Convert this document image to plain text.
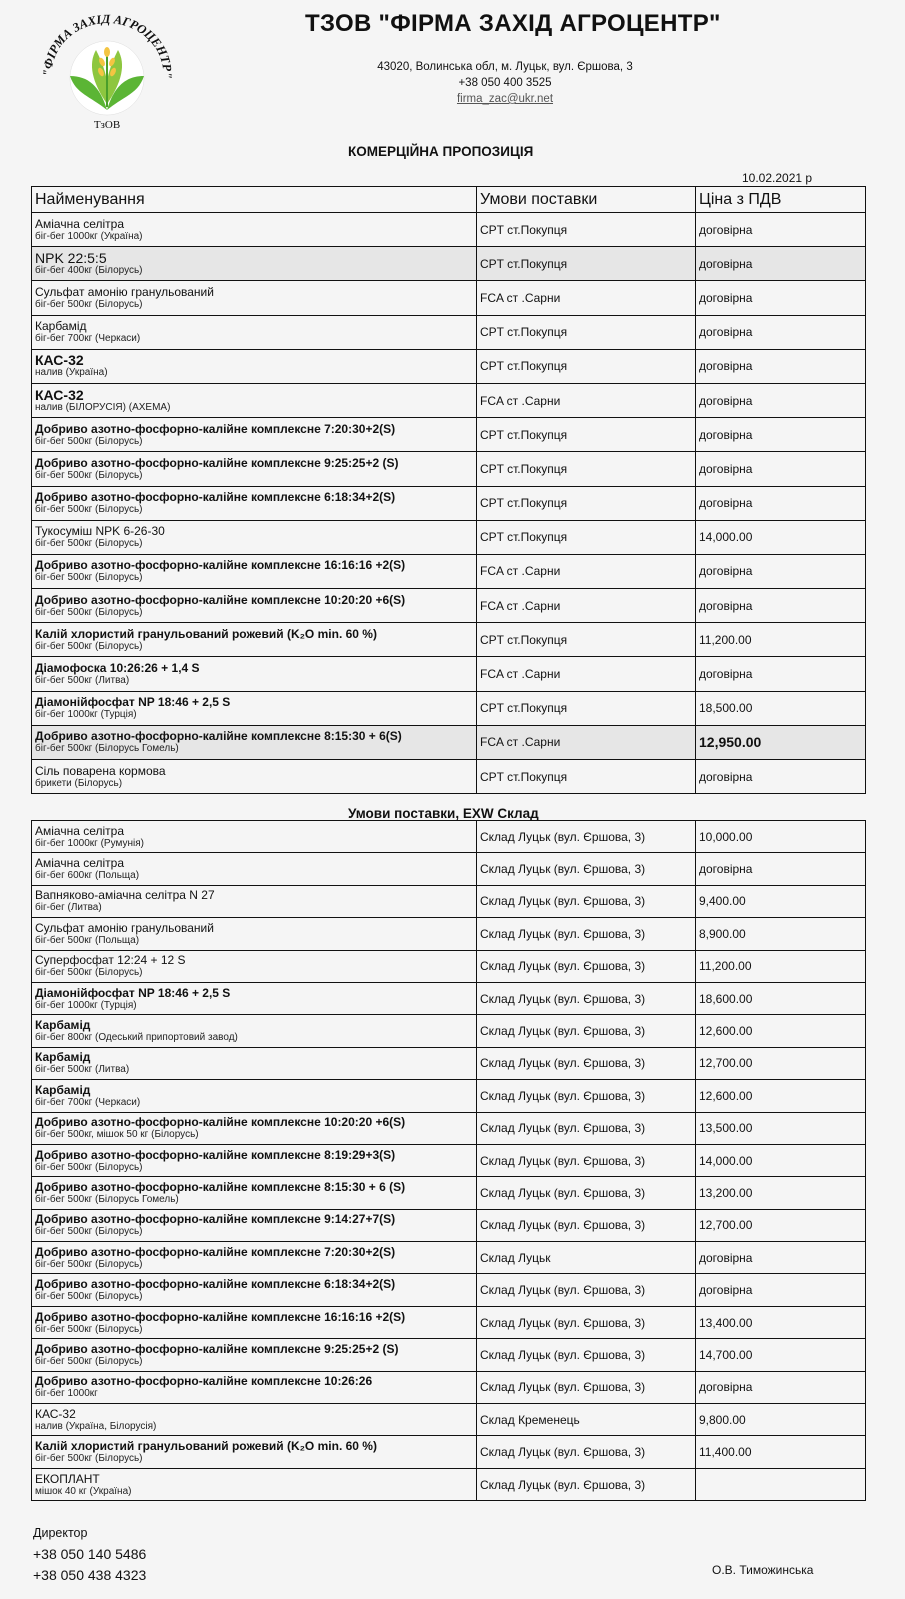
"ФІРМА ЗАХІД АГРОЦЕНТР"
ТзОВ
ТЗОВ "ФІРМА ЗАХІД АГРОЦЕНТР"
43020, Волинська обл, м. Луцьк, вул. Єршова, 3
+38 050 400 3525
firma_zac@ukr.net
КОМЕРЦІЙНА ПРОПОЗИЦІЯ
10.02.2021 р
Найменування	Умови поставки	Ціна з ПДВ

Аміачна селітра
біг-бег 1000кг (Україна)	CPT ст.Покупця	договірна

NPK 22:5:5
біг-бег 400кг (Білорусь)	CPT ст.Покупця	договірна

Сульфат амонію гранульований
біг-бег 500кг (Білорусь)	FCA ст .Сарни	договірна

Карбамід
біг-бег 700кг (Черкаси)	CPT ст.Покупця	договірна

КАС-32
налив (Україна)	CPT ст.Покупця	договірна

КАС-32
налив (БІЛОРУСІЯ) (АХЕМА)	FCA ст .Сарни	договірна

Добриво азотно-фосфорно-калійне комплексне 7:20:30+2(S)
біг-бег 500кг (Білорусь)	CPT ст.Покупця	договірна

Добриво азотно-фосфорно-калійне комплексне 9:25:25+2 (S)
біг-бег 500кг (Білорусь)	CPT ст.Покупця	договірна

Добриво азотно-фосфорно-калійне комплексне 6:18:34+2(S)
біг-бег 500кг (Білорусь)	CPT ст.Покупця	договірна

Тукосуміш NPK 6-26-30
біг-бег 500кг (Білорусь)	CPT ст.Покупця	14,000.00

Добриво азотно-фосфорно-калійне комплексне 16:16:16 +2(S)
біг-бег 500кг (Білорусь)	FCA ст .Сарни	договірна

Добриво азотно-фосфорно-калійне комплексне 10:20:20 +6(S)
біг-бег 500кг (Білорусь)	FCA ст .Сарни	договірна

Калій хлористий гранульований рожевий (K₂O min. 60 %)
біг-бег 500кг (Білорусь)	CPT ст.Покупця	11,200.00

Діамофоска 10:26:26 + 1,4 S
біг-бег 500кг (Литва)	FCA ст .Сарни	договірна

Діамонійфосфат NP 18:46 + 2,5 S
біг-бег 1000кг (Турція)	CPT ст.Покупця	18,500.00

Добриво азотно-фосфорно-калійне комплексне 8:15:30 + 6(S)
біг-бег 500кг (Білорусь Гомель)	FCA ст .Сарни	12,950.00

Сіль поварена кормова
брикети (Білорусь)	CPT ст.Покупця	договірна
Умови поставки, EXW Склад
Аміачна селітра
біг-бег 1000кг (Румунія)	Склад Луцьк (вул. Єршова, 3)	10,000.00

Аміачна селітра
біг-бег 600кг (Польща)	Склад Луцьк (вул. Єршова, 3)	договірна

Вапняково-аміачна селітра N 27
біг-бег (Литва)	Склад Луцьк (вул. Єршова, 3)	9,400.00

Сульфат амонію гранульований
біг-бег 500кг (Польща)	Склад Луцьк (вул. Єршова, 3)	8,900.00

Суперфосфат 12:24 + 12 S
біг-бег 500кг (Білорусь)	Склад Луцьк (вул. Єршова, 3)	11,200.00

Діамонійфосфат NP 18:46 + 2,5 S
біг-бег 1000кг (Турція)	Склад Луцьк (вул. Єршова, 3)	18,600.00

Карбамід
біг-бег 800кг (Одеський припортовий завод)	Склад Луцьк (вул. Єршова, 3)	12,600.00

Карбамід
біг-бег 500кг (Литва)	Склад Луцьк (вул. Єршова, 3)	12,700.00

Карбамід
біг-бег 700кг (Черкаси)	Склад Луцьк (вул. Єршова, 3)	12,600.00

Добриво азотно-фосфорно-калійне комплексне 10:20:20 +6(S)
біг-бег 500кг, мішок 50 кг (Білорусь)	Склад Луцьк (вул. Єршова, 3)	13,500.00

Добриво азотно-фосфорно-калійне комплексне 8:19:29+3(S)
біг-бег 500кг (Білорусь)	Склад Луцьк (вул. Єршова, 3)	14,000.00

Добриво азотно-фосфорно-калійне комплексне 8:15:30 + 6 (S)
біг-бег 500кг (Білорусь Гомель)	Склад Луцьк (вул. Єршова, 3)	13,200.00

Добриво азотно-фосфорно-калійне комплексне 9:14:27+7(S)
біг-бег 500кг (Білорусь)	Склад Луцьк (вул. Єршова, 3)	12,700.00

Добриво азотно-фосфорно-калійне комплексне 7:20:30+2(S)
біг-бег 500кг (Білорусь)	Склад Луцьк	договірна

Добриво азотно-фосфорно-калійне комплексне 6:18:34+2(S)
біг-бег 500кг (Білорусь)	Склад Луцьк (вул. Єршова, 3)	договірна

Добриво азотно-фосфорно-калійне комплексне 16:16:16 +2(S)
біг-бег 500кг (Білорусь)	Склад Луцьк (вул. Єршова, 3)	13,400.00

Добриво азотно-фосфорно-калійне комплексне 9:25:25+2 (S)
біг-бег 500кг (Білорусь)	Склад Луцьк (вул. Єршова, 3)	14,700.00

Добриво азотно-фосфорно-калійне комплексне 10:26:26
біг-бег 1000кг	Склад Луцьк (вул. Єршова, 3)	договірна

КАС-32
налив (Україна, Білорусія)	Склад Кременець	9,800.00

Калій хлористий гранульований рожевий (K₂O min. 60 %)
біг-бег 500кг (Білорусь)	Склад Луцьк (вул. Єршова, 3)	11,400.00

ЕКОПЛАНТ
мішок 40 кг (Україна)	Склад Луцьк (вул. Єршова, 3)	
Директор
+38 050 140 5486
+38 050 438 4323	О.В. Тиможинська
